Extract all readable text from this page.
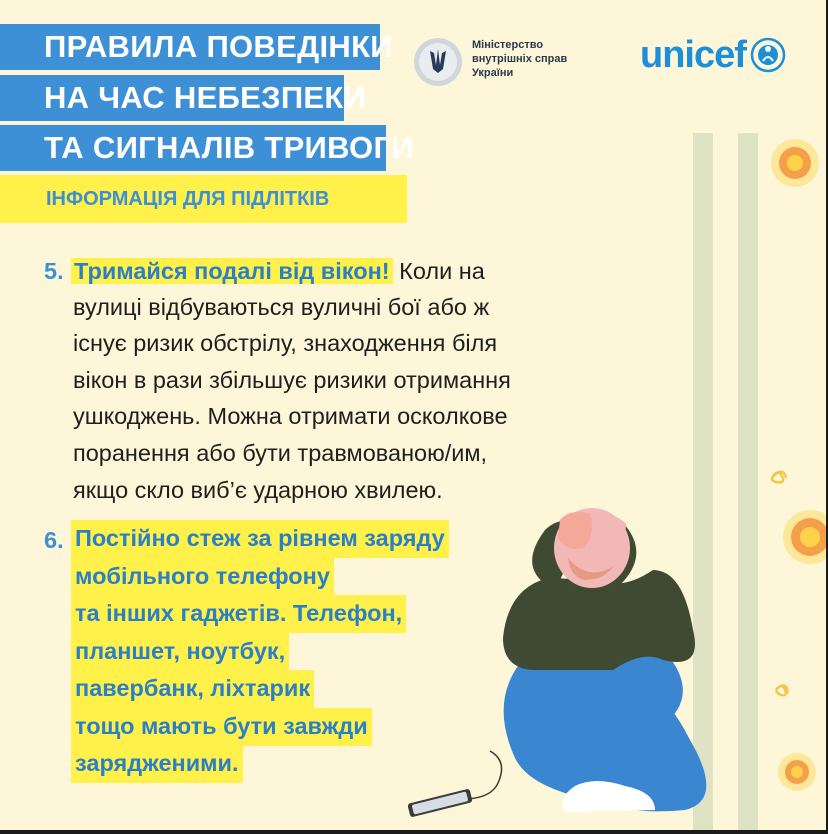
ПРАВИЛА ПОВЕДІНКИ
НА ЧАС НЕБЕЗПЕКИ
ТА СИГНАЛІВ ТРИВОГИ
ІНФОРМАЦІЯ ДЛЯ ПІДЛІТКІВ
Міністерство
внутрішніх справ
України	unicef
5. Тримайся подалі від вікон! Коли на
вулиці відбуваються вуличні бої або ж
існує ризик обстрілу, знаходження біля
вікон в рази збільшує ризики отримання
ушкоджень. Можна отримати осколкове
поранення або бути травмованою/им,
якщо скло виб’є ударною хвилею.
6. Постійно стеж за рівнем заряду
мобільного телефону
та інших гаджетів. Телефон,
планшет, ноутбук,
павербанк, ліхтарик
тощо мають бути завжди
зарядженими.
